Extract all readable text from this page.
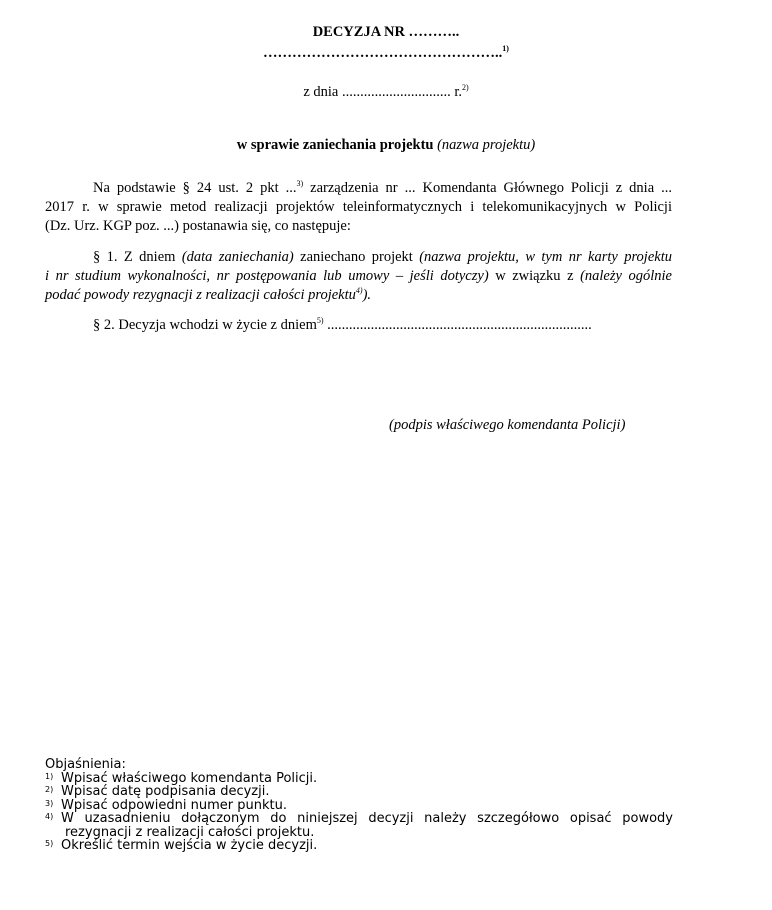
DECYZJA NR ………..
…………………………………………..$^{1)}$
z dnia .............................. r.$^{2)}$
w sprawie zaniechania projektu (nazwa projektu)
Na podstawie § 24 ust. 2 pkt ...$^{3)}$ zarządzenia nr ... Komendanta Głównego Policji z dnia ...
2017 r. w sprawie metod realizacji projektów teleinformatycznych i telekomunikacyjnych w Policji
(Dz. Urz. KGP poz. ...) postanawia się, co następuje:
§ 1. Z dniem (data zaniechania) zaniechano projekt (nazwa projektu, w tym nr karty projektu
i nr studium wykonalności, nr postępowania lub umowy – jeśli dotyczy) w związku z (należy ogólnie
podać powody rezygnacji z realizacji całości projektu$^{4)}$).
§ 2. Decyzja wchodzi w życie z dniem$^{5)}$ .........................................................................
(podpis właściwego komendanta Policji)
Objaśnienia:
1) Wpisać właściwego komendanta Policji.
2) Wpisać datę podpisania decyzji.
3) Wpisać odpowiedni numer punktu.
4) W uzasadnieniu dołączonym do niniejszej decyzji należy szczegółowo opisać powody
rezygnacji z realizacji całości projektu.
5) Określić termin wejścia w życie decyzji.
